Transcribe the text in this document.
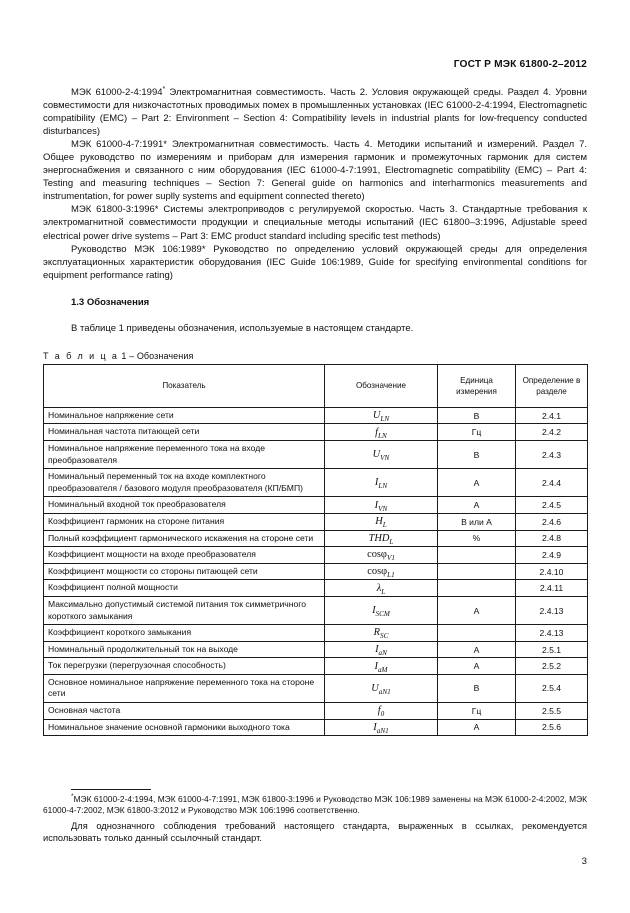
ГОСТ Р МЭК 61800-2–2012

МЭК 61000-2-4:1994* Электромагнитная совместимость. Часть 2. Условия окружающей среды. Раздел 4. Уровни совместимости для низкочастотных проводимых помех в промышленных установках (IEC 61000-2-4:1994, Electromagnetic compatibility (EMC) – Part 2: Environment – Section 4: Compatibility levels in industrial plants for low-frequency conducted disturbances)

МЭК 61000-4-7:1991* Электромагнитная совместимость. Часть 4. Методики испытаний и измерений. Раздел 7. Общее руководство по измерениям и приборам для измерения гармоник и промежуточных гармоник для систем энергоснабжения и связанного с ним оборудования (IEC 61000-4-7:1991, Electromagnetic compatibility (EMC) – Part 4: Testing and measuring techniques – Section 7: General guide on harmonics and interharmonics measurements and instrumentation, for power suplly systems and equipment connected thereto)

МЭК 61800-3:1996* Системы электроприводов с регулируемой скоростью. Часть 3. Стандартные требования к электромагнитной совместимости продукции и специальные методы испытаний (IEC 61800–3:1996, Adjustable speed electrical power drive systems – Part 3: EMC product standard including specific test methods)

Руководство МЭК 106:1989* Руководство по определению условий окружающей среды для определения эксплуатационных характеристик оборудования (IEC Guide 106:1989, Guide for specifying environmental conditions for equipment performance rating)

1.3 Обозначения

В таблице 1 приведены обозначения, используемые в настоящем стандарте.

Т а б л и ц а 1 – Обозначения
Показатель	Обозначение	Единица измерения	Определение в разделе
Номинальное напряжение сети	$U_{LN}$	В	2.4.1
Номинальная частота питающей сети	$f_{LN}$	Гц	2.4.2
Номинальное напряжение переменного тока на входе преобразователя	$U_{VN}$	В	2.4.3
Номинальный переменный ток на входе комплектного преобразователя / базового модуля преобразователя (КП/БМП)	$I_{LN}$	А	2.4.4
Номинальный входной ток преобразователя	$I_{VN}$	А	2.4.5
Коэффициент гармоник на стороне питания	$H_L$	В или А	2.4.6
Полный коэффициент гармонического искажения на стороне сети	$THD_L$	%	2.4.8
Коэффициент мощности на входе преобразователя	cosφ$_{V1}$		2.4.9
Коэффициент мощности со стороны питающей сети	cosφ$_{L1}$		2.4.10
Коэффициент полной мощности	$\lambda_L$		2.4.11
Максимально допустимый системой питания ток симметричного короткого замыкания	$I_{SCM}$	А	2.4.13
Коэффициент короткого замыкания	$R_{SC}$		2.4.13
Номинальный продолжительный ток на выходе	$I_{aN}$	А	2.5.1
Ток перегрузки (перегрузочная способность)	$I_{aM}$	А	2.5.2
Основное номинальное напряжение переменного тока на стороне сети	$U_{aN1}$	В	2.5.4
Основная частота	$f_0$	Гц	2.5.5
Номинальное значение основной гармоники выходного тока	$I_{aN1}$	А	2.5.6

*МЭК 61000-2-4:1994, МЭК 61000-4-7:1991, МЭК 61800-3:1996 и Руководство МЭК 106:1989 заменены на МЭК 61000-2-4:2002, МЭК 61000-4-7:2002, МЭК 61800-3:2012 и Руководство МЭК 106:1996 соответственно.

Для однозначного соблюдения требований настоящего стандарта, выраженных в ссылках, рекомендуется использовать только данный ссылочный стандарт.

3
